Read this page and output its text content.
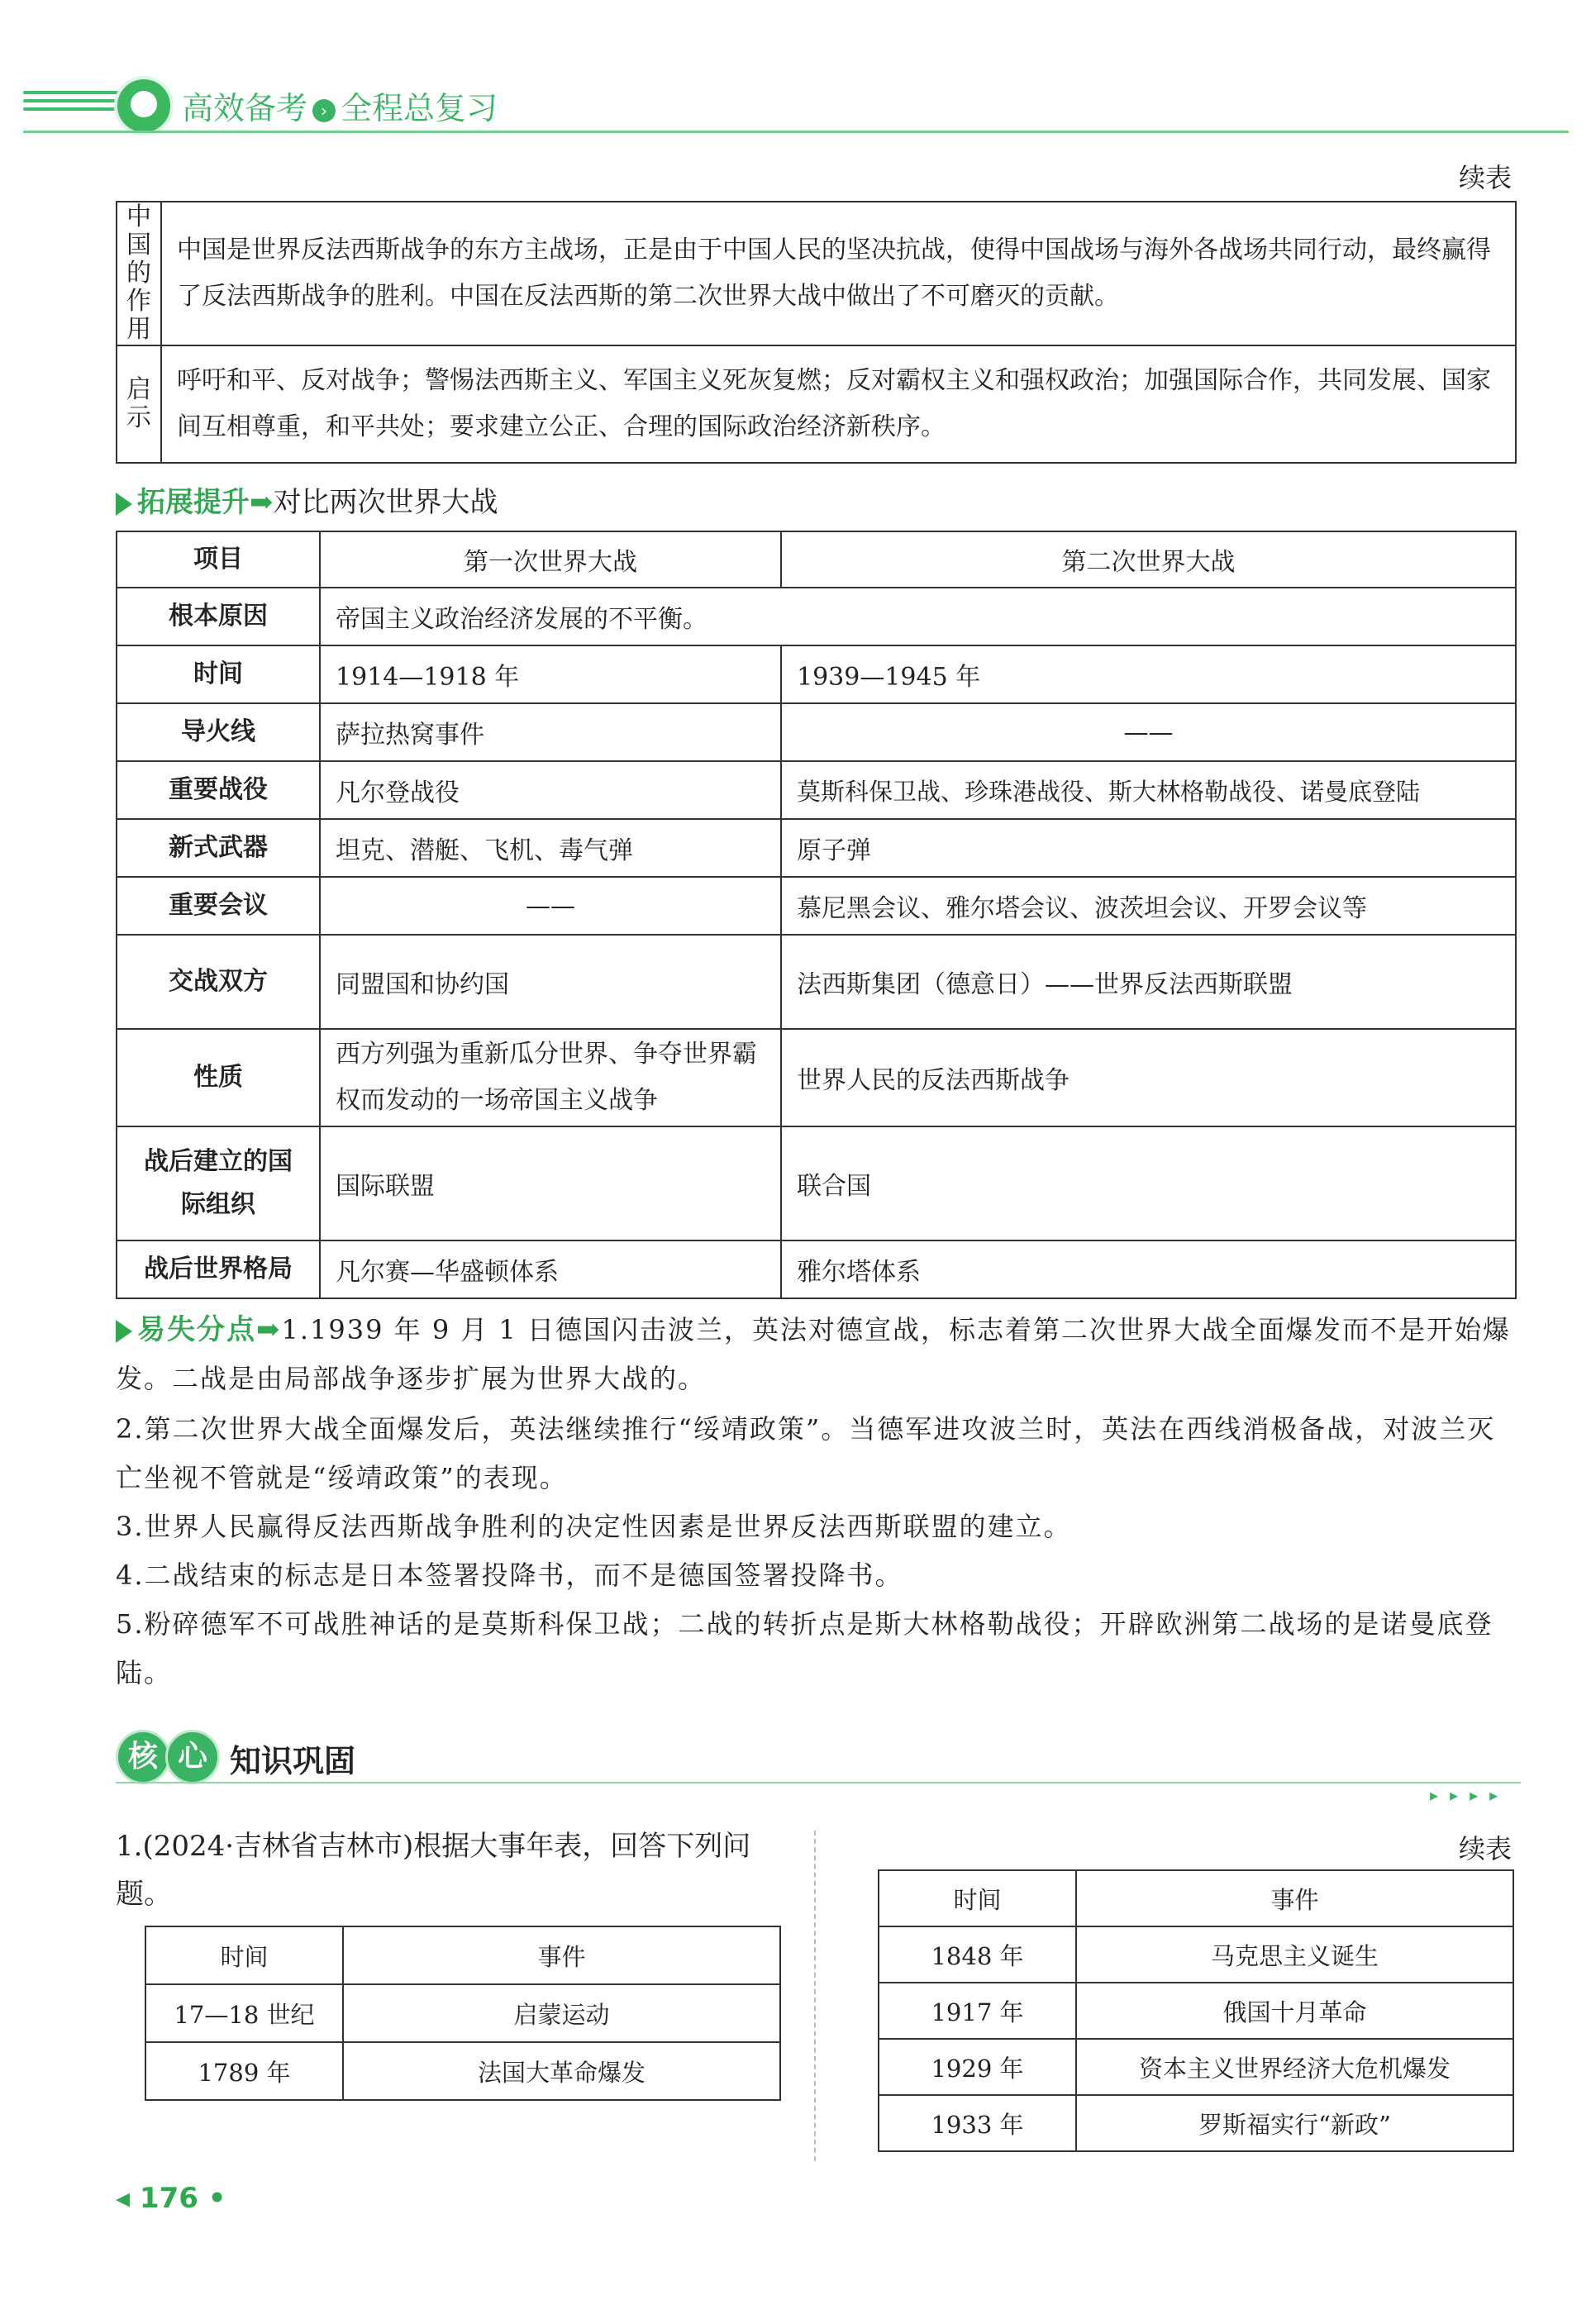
高效备考 › 全程总复习
续表
中国的作用	中国是世界反法西斯战争的东方主战场，正是由于中国人民的坚决抗战，使得中国战场与海外各战场共同行动，最终赢得了反法西斯战争的胜利。中国在反法西斯的第二次世界大战中做出了不可磨灭的贡献。
启示	呼吁和平、反对战争；警惕法西斯主义、军国主义死灰复燃；反对霸权主义和强权政治；加强国际合作，共同发展、国家间互相尊重，和平共处；要求建立公正、合理的国际政治经济新秩序。
拓展提升➡对比两次世界大战
项目	第一次世界大战	第二次世界大战
根本原因	帝国主义政治经济发展的不平衡。	
时间	1914—1918 年	1939—1945 年
导火线	萨拉热窝事件	——
重要战役	凡尔登战役	莫斯科保卫战、珍珠港战役、斯大林格勒战役、诺曼底登陆
新式武器	坦克、潜艇、飞机、毒气弹	原子弹
重要会议	——	慕尼黑会议、雅尔塔会议、波茨坦会议、开罗会议等
交战双方	同盟国和协约国	法西斯集团（德意日）——世界反法西斯联盟
性质	西方列强为重新瓜分世界、争夺世界霸权而发动的一场帝国主义战争	世界人民的反法西斯战争
战后建立的国际组织	国际联盟	联合国
战后世界格局	凡尔赛—华盛顿体系	雅尔塔体系
易失分点➡1.1939 年 9 月 1 日德国闪击波兰，英法对德宣战，标志着第二次世界大战全面爆发而不是开始爆发。二战是由局部战争逐步扩展为世界大战的。
2.第二次世界大战全面爆发后，英法继续推行“绥靖政策”。当德军进攻波兰时，英法在西线消极备战，对波兰灭亡坐视不管就是“绥靖政策”的表现。
3.世界人民赢得反法西斯战争胜利的决定性因素是世界反法西斯联盟的建立。
4.二战结束的标志是日本签署投降书，而不是德国签署投降书。
5.粉碎德军不可战胜神话的是莫斯科保卫战；二战的转折点是斯大林格勒战役；开辟欧洲第二战场的是诺曼底登陆。
核 心 知识巩固
▸▸▸▸
1.(2024·吉林省吉林市)根据大事年表，回答下列问题。
时间	事件
17—18 世纪	启蒙运动
1789 年	法国大革命爆发
续表
时间	事件
1848 年	马克思主义诞生
1917 年	俄国十月革命
1929 年	资本主义世界经济大危机爆发
1933 年	罗斯福实行“新政”
◂ 176 •
